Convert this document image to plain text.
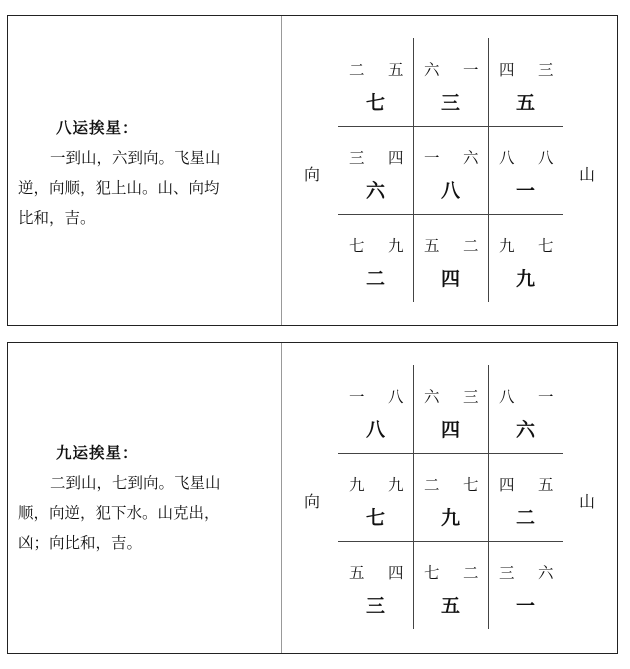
八运挨星：

一到山，六到向。飞星山
逆，向顺，犯上山。山、向均
比和，吉。

向	山
二 五
七
六 一
三
四 三
五
三 四
六
一 六
八
八 八
一
七 九
二
五 二
四
九 七
九
九运挨星：

二到山，七到向。飞星山
顺，向逆，犯下水。山克出，
凶；向比和，吉。

向	山
一 八
八
六 三
四
八 一
六
九 九
七
二 七
九
四 五
二
五 四
三
七 二
五
三 六
一
